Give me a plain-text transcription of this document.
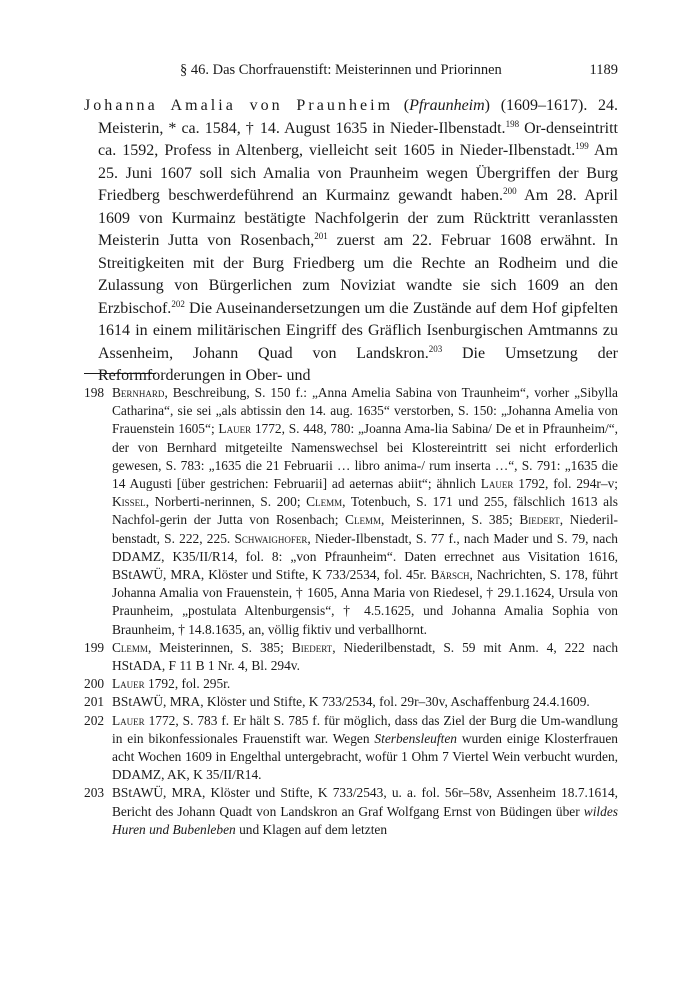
§ 46. Das Chorfrauenstift: Meisterinnen und Priorinnen	1189

Johanna Amalia von Praunheim (Pfraunheim) (1609–1617). 24. Meisterin, * ca. 1584, † 14. August 1635 in Nieder-Ilbenstadt.$^{198}$ Or-denseintritt ca. 1592, Profess in Altenberg, vielleicht seit 1605 in Nieder-Ilbenstadt.$^{199}$ Am 25. Juni 1607 soll sich Amalia von Praunheim wegen Übergriffen der Burg Friedberg beschwerdeführend an Kurmainz gewandt haben.$^{200}$ Am 28. April 1609 von Kurmainz bestätigte Nachfolgerin der zum Rücktritt veranlassten Meisterin Jutta von Rosenbach,$^{201}$ zuerst am 22. Februar 1608 erwähnt. In Streitigkeiten mit der Burg Friedberg um die Rechte an Rodheim und die Zulassung von Bürgerlichen zum Noviziat wandte sie sich 1609 an den Erzbischof.$^{202}$ Die Auseinandersetzungen um die Zustände auf dem Hof gipfelten 1614 in einem militärischen Eingriff des Gräflich Isenburgischen Amtmanns zu Assenheim, Johann Quad von Landskron.$^{203}$ Die Umsetzung der Reformforderungen in Ober- und

198 Bernhard, Beschreibung, S. 150 f.: „Anna Amelia Sabina von Traunheim“, vorher „Sibylla Catharina“, sie sei „als abtissin den 14. aug. 1635“ verstorben, S. 150: „Johanna Amelia von Frauenstein 1605“; Lauer 1772, S. 448, 780: „Joanna Ama-lia Sabina/ De et in Pfraunheim/“, der von Bernhard mitgeteilte Namenswechsel bei Klostereintritt sei nicht erforderlich gewesen, S. 783: „1635 die 21 Februarii … libro anima-/ rum inserta …“, S. 791: „1635 die 14 Augusti [über gestrichen: Februarii] ad aeternas abiit“; ähnlich Lauer 1792, fol. 294r–v; Kissel, Norberti-nerinnen, S. 200; Clemm, Totenbuch, S. 171 und 255, fälschlich 1613 als Nachfol-gerin der Jutta von Rosenbach; Clemm, Meisterinnen, S. 385; Biedert, Niederil-benstadt, S. 222, 225. Schwaighofer, Nieder-Ilbenstadt, S. 77 f., nach Mader und S. 79, nach DDAMZ, K35/II/R14, fol. 8: „von Pfraunheim“. Daten errechnet aus Visitation 1616, BStAWÜ, MRA, Klöster und Stifte, K 733/2534, fol. 45r. Bärsch, Nachrichten, S. 178, führt Johanna Amalia von Frauenstein, † 1605, Anna Maria von Riedesel, † 29.1.1624, Ursula von Praunheim, „postulata Altenburgensis“, † 4.5.1625, und Johanna Amalia Sophia von Braunheim, † 14.8.1635, an, völlig fiktiv und verballhornt.
199 Clemm, Meisterinnen, S. 385; Biedert, Niederilbenstadt, S. 59 mit Anm. 4, 222 nach HStADA, F 11 B 1 Nr. 4, Bl. 294v.
200 Lauer 1792, fol. 295r.
201 BStAWÜ, MRA, Klöster und Stifte, K 733/2534, fol. 29r–30v, Aschaffenburg 24.4.1609.
202 Lauer 1772, S. 783 f. Er hält S. 785 f. für möglich, dass das Ziel der Burg die Um-wandlung in ein bikonfessionales Frauenstift war. Wegen Sterbensleuften wurden einige Klosterfrauen acht Wochen 1609 in Engelthal untergebracht, wofür 1 Ohm 7 Viertel Wein verbucht wurden, DDAMZ, AK, K 35/II/R14.
203 BStAWÜ, MRA, Klöster und Stifte, K 733/2543, u. a. fol. 56r–58v, Assenheim 18.7.1614, Bericht des Johann Quadt von Landskron an Graf Wolfgang Ernst von Büdingen über wildes Huren und Bubenleben und Klagen auf dem letzten
